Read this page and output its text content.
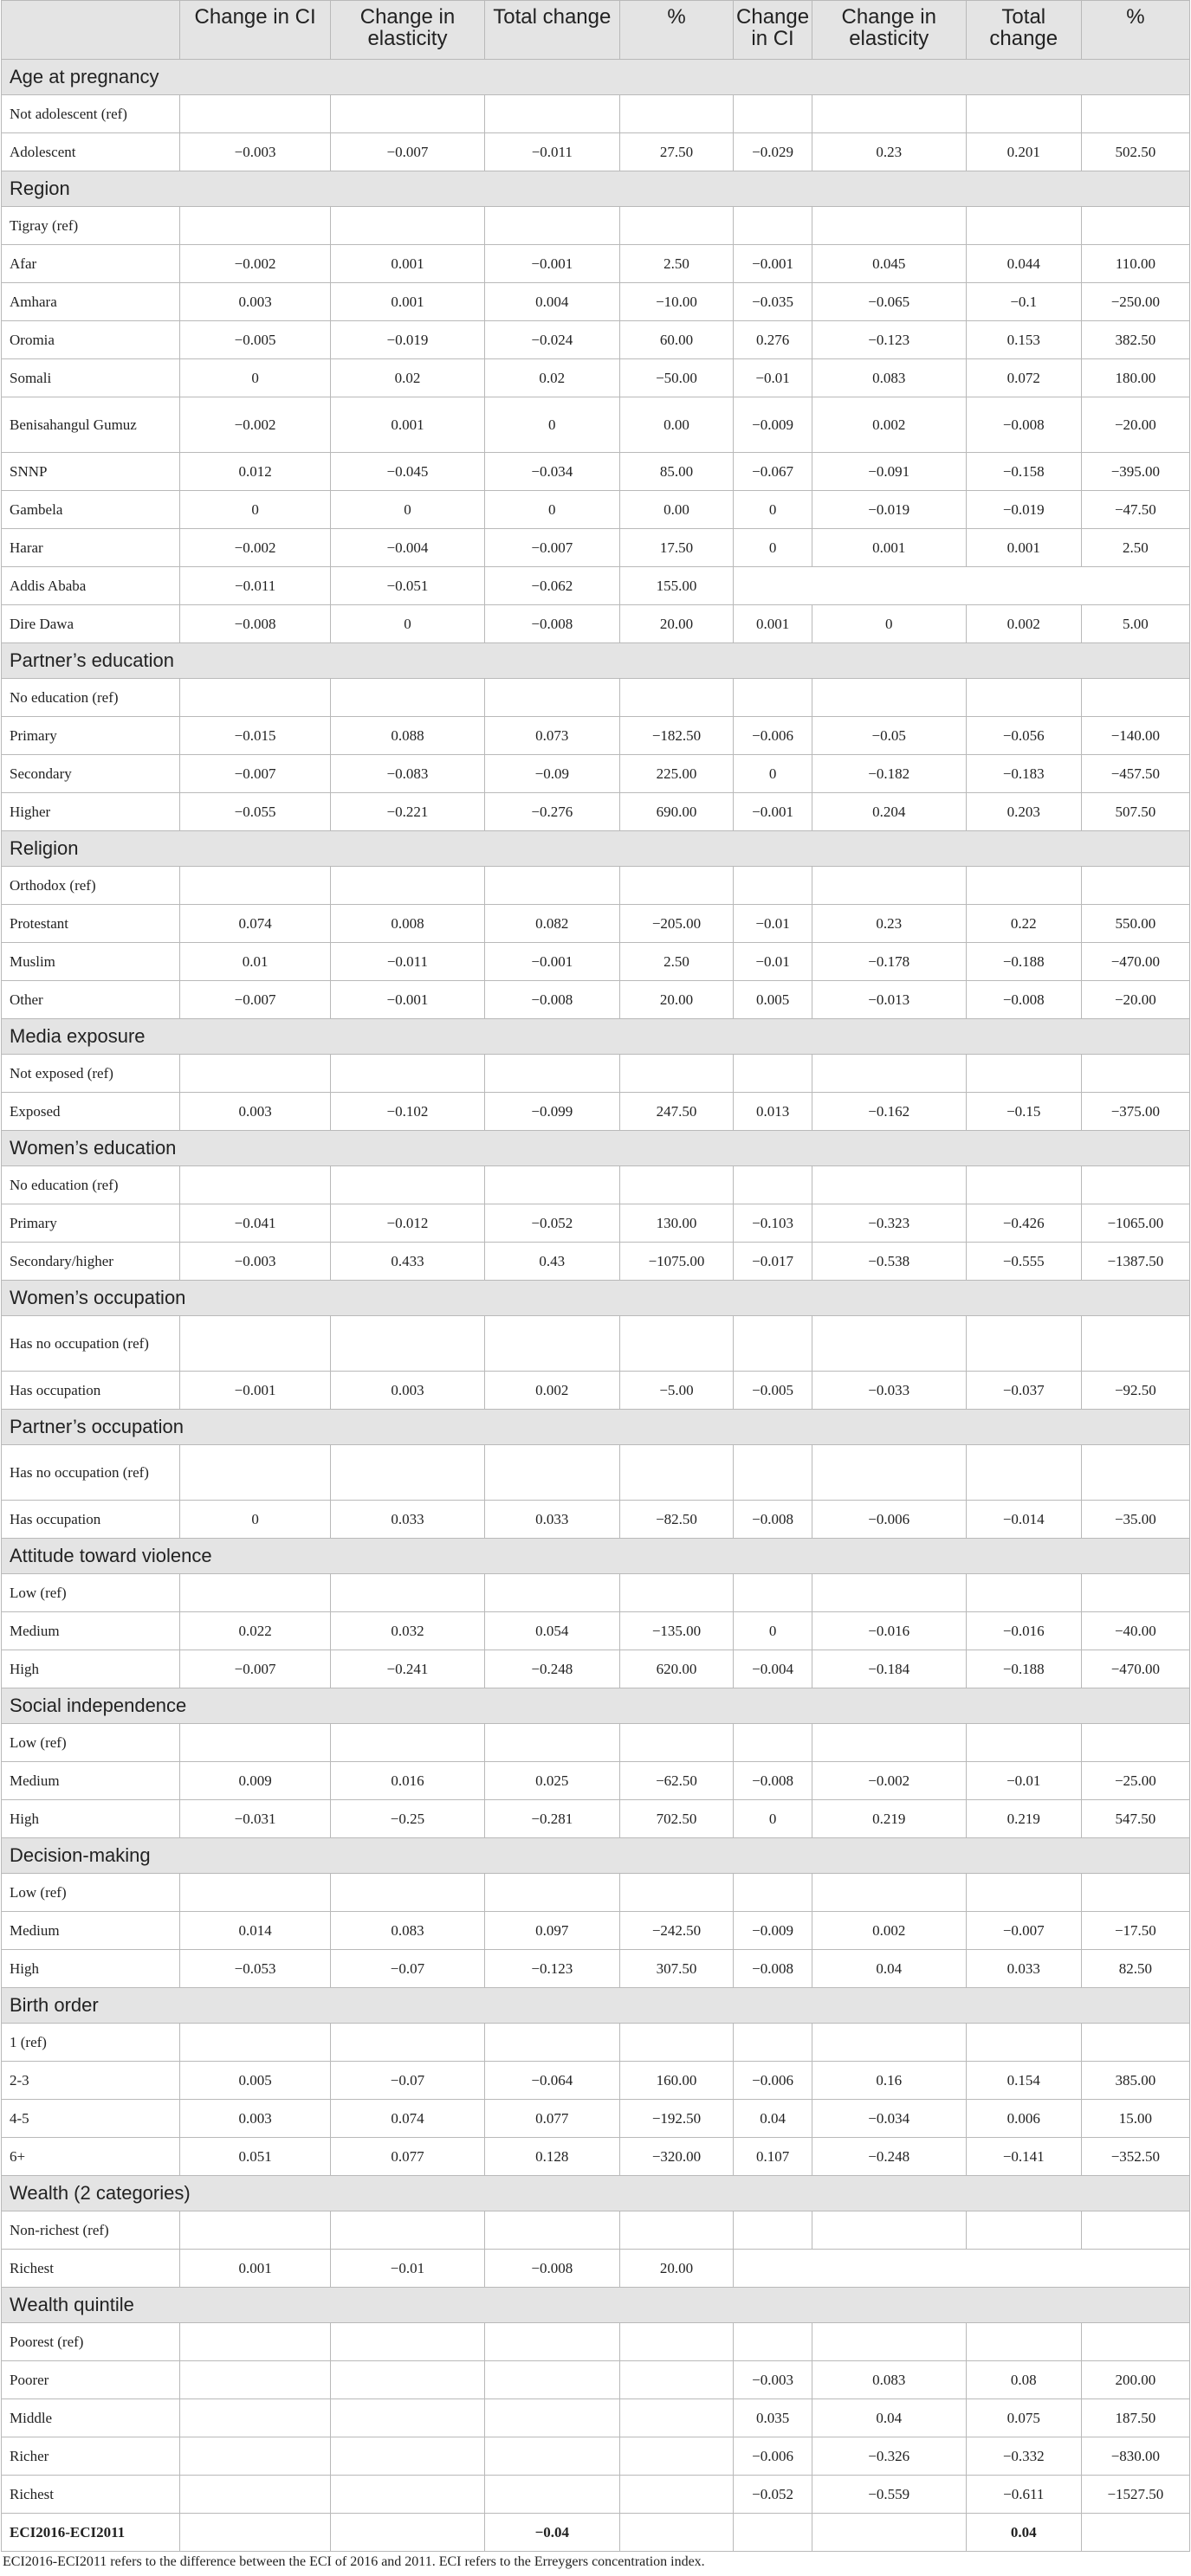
	Change in CI	Change in elasticity	Total change	%	Change in CI	Change in elasticity	Total change	%
Age at pregnancy								
Not adolescent (ref)								
Adolescent	−0.003	−0.007	−0.011	27.50	−0.029	0.23	0.201	502.50
Region								
Tigray (ref)								
Afar	−0.002	0.001	−0.001	2.50	−0.001	0.045	0.044	110.00
Amhara	0.003	0.001	0.004	−10.00	−0.035	−0.065	−0.1	−250.00
Oromia	−0.005	−0.019	−0.024	60.00	0.276	−0.123	0.153	382.50
Somali	0	0.02	0.02	−50.00	−0.01	0.083	0.072	180.00
Benisahangul Gumuz	−0.002	0.001	0	0.00	−0.009	0.002	−0.008	−20.00
SNNP	0.012	−0.045	−0.034	85.00	−0.067	−0.091	−0.158	−395.00
Gambela	0	0	0	0.00	0	−0.019	−0.019	−47.50
Harar	−0.002	−0.004	−0.007	17.50	0	0.001	0.001	2.50
Addis Ababa	−0.011	−0.051	−0.062	155.00				
Dire Dawa	−0.008	0	−0.008	20.00	0.001	0	0.002	5.00
Partner’s education								
No education (ref)								
Primary	−0.015	0.088	0.073	−182.50	−0.006	−0.05	−0.056	−140.00
Secondary	−0.007	−0.083	−0.09	225.00	0	−0.182	−0.183	−457.50
Higher	−0.055	−0.221	−0.276	690.00	−0.001	0.204	0.203	507.50
Religion								
Orthodox (ref)								
Protestant	0.074	0.008	0.082	−205.00	−0.01	0.23	0.22	550.00
Muslim	0.01	−0.011	−0.001	2.50	−0.01	−0.178	−0.188	−470.00
Other	−0.007	−0.001	−0.008	20.00	0.005	−0.013	−0.008	−20.00
Media exposure								
Not exposed (ref)								
Exposed	0.003	−0.102	−0.099	247.50	0.013	−0.162	−0.15	−375.00
Women’s education								
No education (ref)								
Primary	−0.041	−0.012	−0.052	130.00	−0.103	−0.323	−0.426	−1065.00
Secondary/higher	−0.003	0.433	0.43	−1075.00	−0.017	−0.538	−0.555	−1387.50
Women’s occupation								
Has no occupation (ref)								
Has occupation	−0.001	0.003	0.002	−5.00	−0.005	−0.033	−0.037	−92.50
Partner’s occupation								
Has no occupation (ref)								
Has occupation	0	0.033	0.033	−82.50	−0.008	−0.006	−0.014	−35.00
Attitude toward violence								
Low (ref)								
Medium	0.022	0.032	0.054	−135.00	0	−0.016	−0.016	−40.00
High	−0.007	−0.241	−0.248	620.00	−0.004	−0.184	−0.188	−470.00
Social independence								
Low (ref)								
Medium	0.009	0.016	0.025	−62.50	−0.008	−0.002	−0.01	−25.00
High	−0.031	−0.25	−0.281	702.50	0	0.219	0.219	547.50
Decision-making								
Low (ref)								
Medium	0.014	0.083	0.097	−242.50	−0.009	0.002	−0.007	−17.50
High	−0.053	−0.07	−0.123	307.50	−0.008	0.04	0.033	82.50
Birth order								
1 (ref)								
2-3	0.005	−0.07	−0.064	160.00	−0.006	0.16	0.154	385.00
4-5	0.003	0.074	0.077	−192.50	0.04	−0.034	0.006	15.00
6+	0.051	0.077	0.128	−320.00	0.107	−0.248	−0.141	−352.50
Wealth (2 categories)								
Non-richest (ref)								
Richest	0.001	−0.01	−0.008	20.00				
Wealth quintile								
Poorest (ref)								
Poorer					−0.003	0.083	0.08	200.00
Middle					0.035	0.04	0.075	187.50
Richer					−0.006	−0.326	−0.332	−830.00
Richest					−0.052	−0.559	−0.611	−1527.50
ECI2016-ECI2011			−0.04				0.04	
ECI2016-ECI2011 refers to the difference between the ECI of 2016 and 2011. ECI refers to the Erreygers concentration index.
